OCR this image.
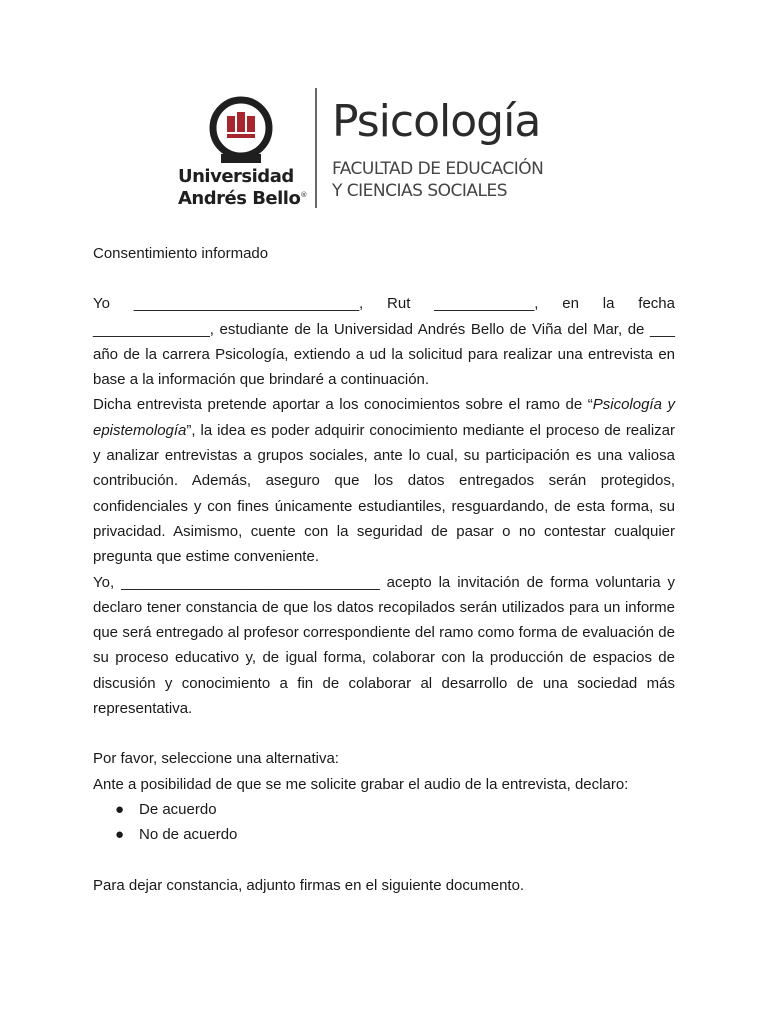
Universidad
Andrés Bello®
Psicología
FACULTAD DE EDUCACIÓN
Y CIENCIAS SOCIALES

Consentimiento informado

Yo ___________________________, Rut ____________, en la fecha
______________, estudiante de la Universidad Andrés Bello de Viña del Mar, de ___ año de la carrera Psicología, extiendo a ud la solicitud para realizar una entrevista en base a la información que brindaré a continuación.

Dicha entrevista pretende aportar a los conocimientos sobre el ramo de “Psicología y epistemología”, la idea es poder adquirir conocimiento mediante el proceso de realizar y analizar entrevistas a grupos sociales, ante lo cual, su participación es una valiosa contribución. Además, aseguro que los datos entregados serán protegidos, confidenciales y con fines únicamente estudiantiles, resguardando, de esta forma, su privacidad. Asimismo, cuente con la seguridad de pasar o no contestar cualquier pregunta que estime conveniente.

Yo, _______________________________ acepto la invitación de forma voluntaria y declaro tener constancia de que los datos recopilados serán utilizados para un informe que será entregado al profesor correspondiente del ramo como forma de evaluación de su proceso educativo y, de igual forma, colaborar con la producción de espacios de discusión y conocimiento a fin de colaborar al desarrollo de una sociedad más representativa.

Por favor, seleccione una alternativa:

Ante a posibilidad de que se me solicite grabar el audio de la entrevista, declaro:

● De acuerdo
● No de acuerdo

Para dejar constancia, adjunto firmas en el siguiente documento.
